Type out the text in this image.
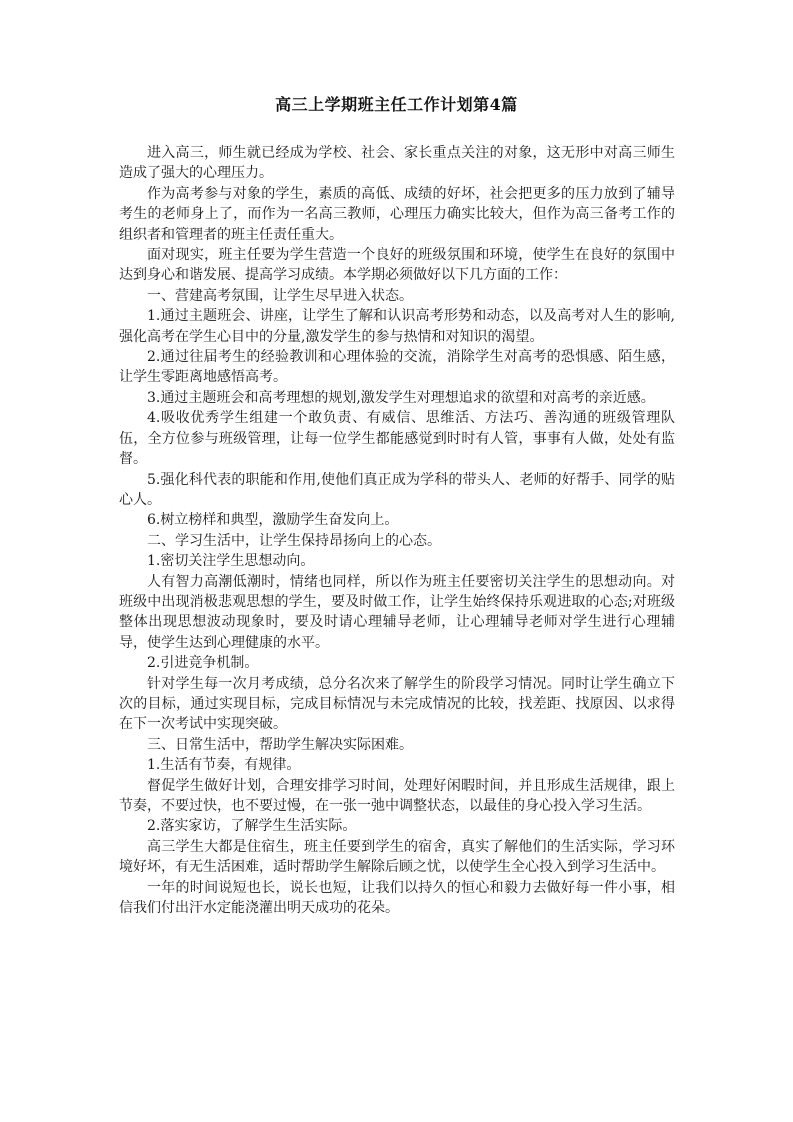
高三上学期班主任工作计划第4篇

进入高三，师生就已经成为学校、社会、家长重点关注的对象，这无形中对高三师生造成了强大的心理压力。

作为高考参与对象的学生，素质的高低、成绩的好坏，社会把更多的压力放到了辅导考生的老师身上了，而作为一名高三教师，心理压力确实比较大，但作为高三备考工作的组织者和管理者的班主任责任重大。

面对现实，班主任要为学生营造一个良好的班级氛围和环境，使学生在良好的氛围中达到身心和谐发展、提高学习成绩。本学期必须做好以下几方面的工作：

一、营建高考氛围，让学生尽早进入状态。

1.通过主题班会、讲座，让学生了解和认识高考形势和动态，以及高考对人生的影响,强化高考在学生心目中的分量,激发学生的参与热情和对知识的渴望。

2.通过往届考生的经验教训和心理体验的交流，消除学生对高考的恐惧感、陌生感，让学生零距离地感悟高考。

3.通过主题班会和高考理想的规划,激发学生对理想追求的欲望和对高考的亲近感。

4.吸收优秀学生组建一个敢负责、有威信、思维活、方法巧、善沟通的班级管理队伍，全方位参与班级管理，让每一位学生都能感觉到时时有人管，事事有人做，处处有监督。

5.强化科代表的职能和作用,使他们真正成为学科的带头人、老师的好帮手、同学的贴心人。

6.树立榜样和典型，激励学生奋发向上。

二、学习生活中，让学生保持昂扬向上的心态。

1.密切关注学生思想动向。

人有智力高潮低潮时，情绪也同样，所以作为班主任要密切关注学生的思想动向。对班级中出现消极悲观思想的学生，要及时做工作，让学生始终保持乐观进取的心态;对班级整体出现思想波动现象时，要及时请心理辅导老师，让心理辅导老师对学生进行心理辅导，使学生达到心理健康的水平。

2.引进竞争机制。

针对学生每一次月考成绩，总分名次来了解学生的阶段学习情况。同时让学生确立下次的目标，通过实现目标，完成目标情况与未完成情况的比较，找差距、找原因、以求得在下一次考试中实现突破。

三、日常生活中，帮助学生解决实际困难。

1.生活有节奏，有规律。

督促学生做好计划，合理安排学习时间，处理好闲暇时间，并且形成生活规律，跟上节奏，不要过快，也不要过慢，在一张一弛中调整状态，以最佳的身心投入学习生活。

2.落实家访，了解学生生活实际。

高三学生大都是住宿生，班主任要到学生的宿舍，真实了解他们的生活实际，学习环境好坏，有无生活困难，适时帮助学生解除后顾之忧，以使学生全心投入到学习生活中。

一年的时间说短也长，说长也短，让我们以持久的恒心和毅力去做好每一件小事，相信我们付出汗水定能浇灌出明天成功的花朵。
